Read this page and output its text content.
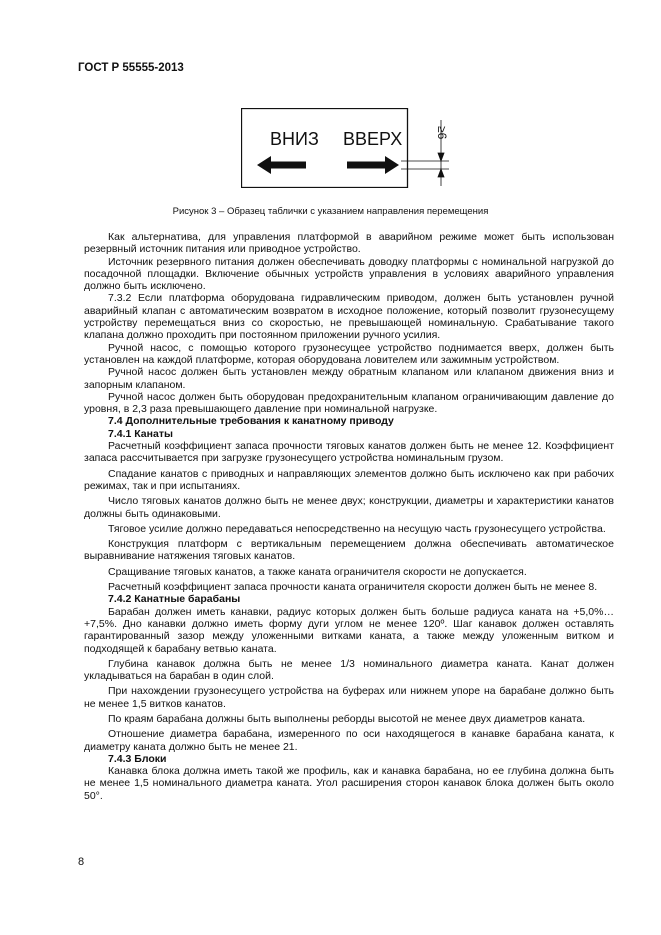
ГОСТ Р 55555-2013
ВНИЗ ВВЕРХ	≥6
Рисунок 3 – Образец таблички с указанием направления перемещения

Как альтернатива, для управления платформой в аварийном режиме может быть использован резервный источник питания или приводное устройство.

Источник резервного питания должен обеспечивать доводку платформы с номинальной нагрузкой до посадочной площадки. Включение обычных устройств управления в условиях аварийного управления должно быть исключено.

7.3.2 Если платформа оборудована гидравлическим приводом, должен быть установлен ручной аварийный клапан с автоматическим возвратом в исходное положение, который позволит грузонесущему устройству перемещаться вниз со скоростью, не превышающей номинальную. Срабатывание такого клапана должно проходить при постоянном приложении ручного усилия.

Ручной насос, с помощью которого грузонесущее устройство поднимается вверх, должен быть установлен на каждой платформе, которая оборудована ловителем или зажимным устройством.

Ручной насос должен быть установлен между обратным клапаном или клапаном движения вниз и запорным клапаном.

Ручной насос должен быть оборудован предохранительным клапаном ограничивающим давление до уровня, в 2,3 раза превышающего давление при номинальной нагрузке.

7.4 Дополнительные требования к канатному приводу

7.4.1 Канаты

Расчетный коэффициент запаса прочности тяговых канатов должен быть не менее 12. Коэффициент запаса рассчитывается при загрузке грузонесущего устройства номинальным грузом.

Спадание канатов с приводных и направляющих элементов должно быть исключено как при рабочих режимах, так и при испытаниях.

Число тяговых канатов должно быть не менее двух; конструкции, диаметры и характеристики канатов должны быть одинаковыми.

Тяговое усилие должно передаваться непосредственно на несущую часть грузонесущего устройства.

Конструкция платформ с вертикальным перемещением должна обеспечивать автоматическое выравнивание натяжения тяговых канатов.

Сращивание тяговых канатов, а также каната ограничителя скорости не допускается.

Расчетный коэффициент запаса прочности каната ограничителя скорости должен быть не менее 8.

7.4.2 Канатные барабаны

Барабан должен иметь канавки, радиус которых должен быть больше радиуса каната на +5,0%…+7,5%. Дно канавки должно иметь форму дуги углом не менее 120º. Шаг канавок должен оставлять гарантированный зазор между уложенными витками каната, а также между уложенным витком и подходящей к барабану ветвью каната.

Глубина канавок должна быть не менее 1/3 номинального диаметра каната. Канат должен укладываться на барабан в один слой.

При нахождении грузонесущего устройства на буферах или нижнем упоре на барабане должно быть не менее 1,5 витков канатов.

По краям барабана должны быть выполнены реборды высотой не менее двух диаметров каната.

Отношение диаметра барабана, измеренного по оси находящегося в канавке барабана каната, к диаметру каната должно быть не менее 21.

7.4.3 Блоки

Канавка блока должна иметь такой же профиль, как и канавка барабана, но ее глубина должна быть не менее 1,5 номинального диаметра каната. Угол расширения сторон канавок блока должен быть около 50°.

8
